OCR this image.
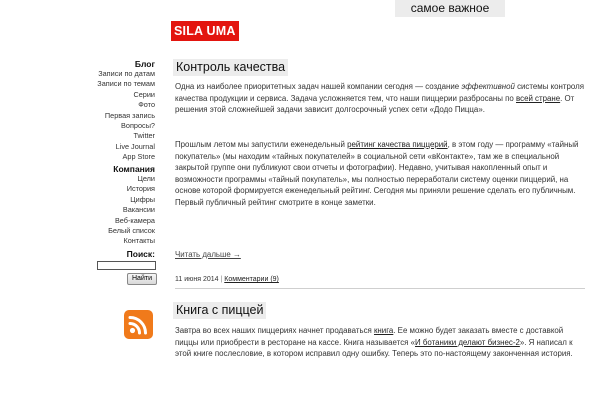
самое важное
SILA UMA
Блог
Записи по датам
Записи по темам
Серии
Фото
Первая запись
Вопросы?
Twitter
Live Journal
App Store
Компания
Цели
История
Цифры
Вакансии
Веб-камера
Белый список
Контакты
Поиск:
Найти
Контроль качества

Одна из наиболее приоритетных задач нашей компании сегодня — создание эффективной системы контроля качества продукции и сервиса. Задача усложняется тем, что наши пиццерии разбросаны по всей стране. От решения этой сложнейшей задачи зависит долгосрочный успех сети «Додо Пицца».

Прошлым летом мы запустили еженедельный рейтинг качества пиццерий, в этом году — программу «тайный покупатель» (мы находим «тайных покупателей» в социальной сети «вКонтакте», там же в специальной закрытой группе они публикуют свои отчеты и фотографии). Недавно, учитывая накопленный опыт и возможности программы «тайный покупатель», мы полностью переработали систему оценки пиццерий, на основе которой формируется еженедельный рейтинг. Сегодня мы приняли решение сделать его публичным. Первый публичный рейтинг смотрите в конце заметки.

Читать дальше →
11 июня 2014 | Комментарии (9)
Книга с пиццей

Завтра во всех наших пиццериях начнет продаваться книга. Ее можно будет заказать вместе с доставкой пиццы или приобрести в ресторане на кассе. Книга называется «И ботаники делают бизнес-2». Я написал к этой книге послесловие, в котором исправил одну ошибку. Теперь это по-настоящему законченная история.
